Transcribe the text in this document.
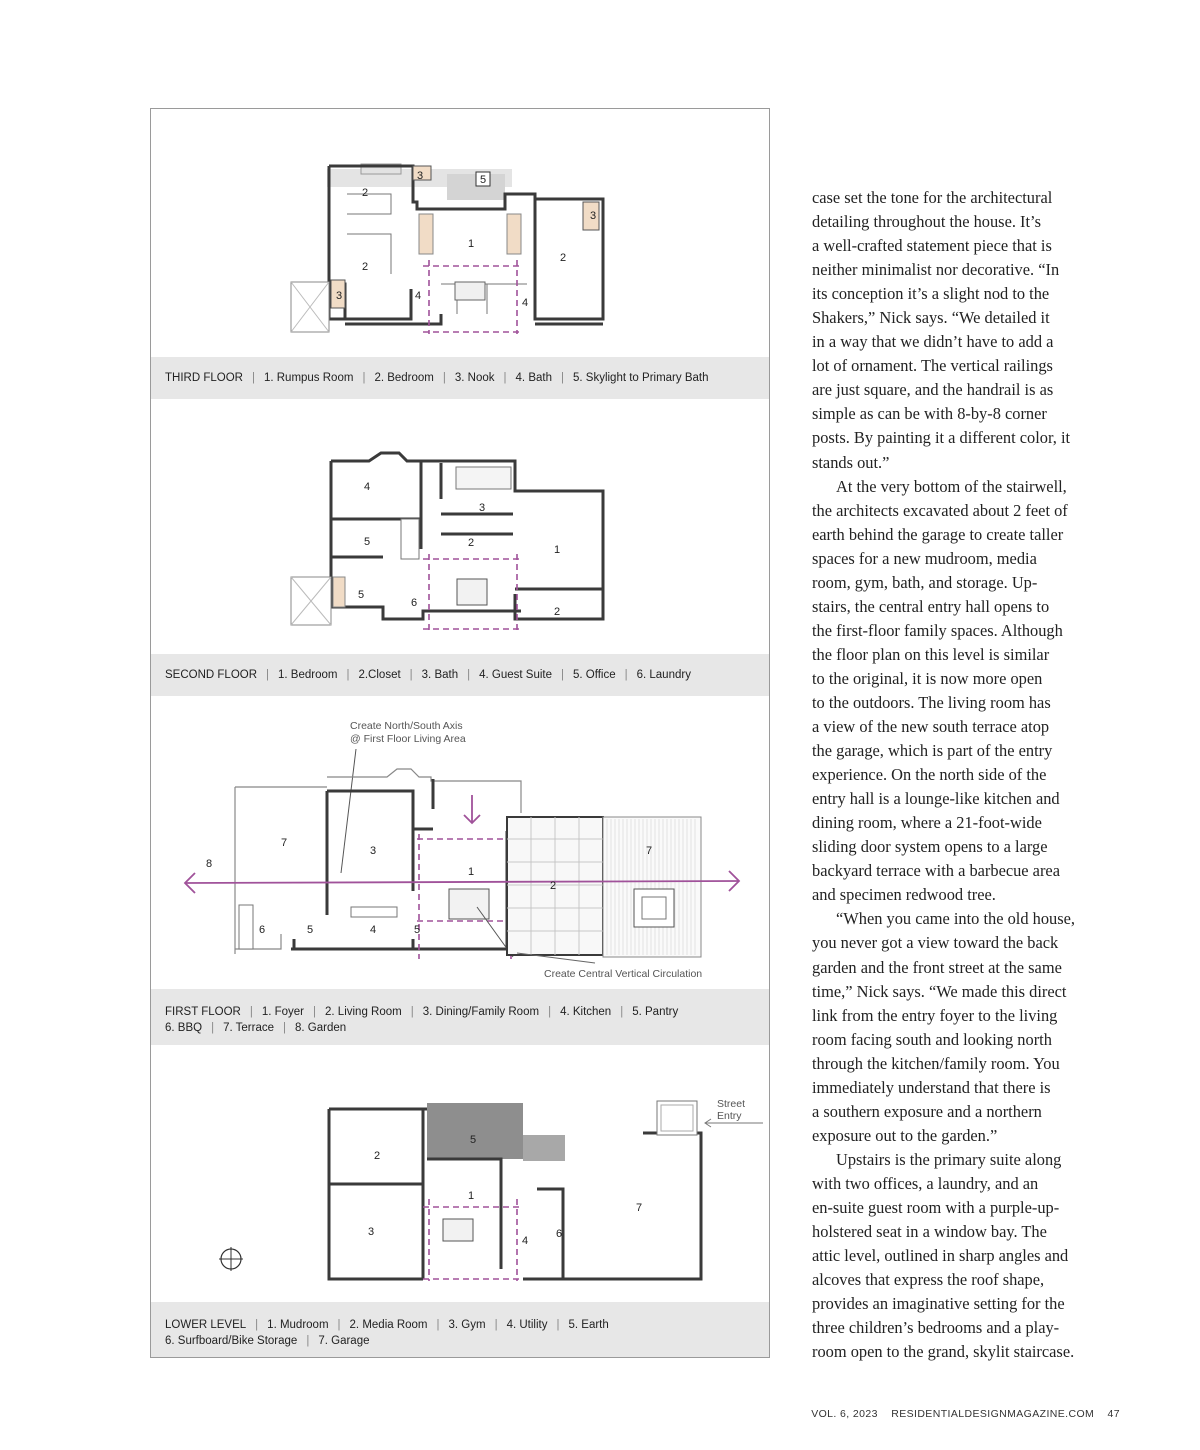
2
3	5
1
3
2
2
3	4
4
THIRD FLOOR | 1. Rumpus Room | 2. Bedroom | 3. Nook | 4. Bath | 5. Skylight to Primary Bath
4
3
2
1
5
5
6
2
SECOND FLOOR | 1. Bedroom | 2.Closet | 3. Bath | 4. Guest Suite | 5. Office | 6. Laundry
Create North/South Axis
@ First Floor Living Area
Create Central Vertical Circulation
7
3
8
1
2
7
6	5	4	5
FIRST FLOOR | 1. Foyer | 2. Living Room | 3. Dining/Family Room | 4. Kitchen | 5. Pantry
6. BBQ | 7. Terrace | 8. Garden
Street
Entry
5
2
1
7
3
4
6
LOWER LEVEL | 1. Mudroom | 2. Media Room | 3. Gym | 4. Utility | 5. Earth
6. Surfboard/Bike Storage | 7. Garage
case set the tone for the architectural
detailing throughout the house. It’s
a well-crafted statement piece that is
neither minimalist nor decorative. “In
its conception it’s a slight nod to the
Shakers,” Nick says. “We detailed it
in a way that we didn’t have to add a
lot of ornament. The vertical railings
are just square, and the handrail is as
simple as can be with 8-by-8 corner
posts. By painting it a different color, it
stands out.”
At the very bottom of the stairwell,
the architects excavated about 2 feet of
earth behind the garage to create taller
spaces for a new mudroom, media
room, gym, bath, and storage. Up-
stairs, the central entry hall opens to
the first-floor family spaces. Although
the floor plan on this level is similar
to the original, it is now more open
to the outdoors. The living room has
a view of the new south terrace atop
the garage, which is part of the entry
experience. On the north side of the
entry hall is a lounge-like kitchen and
dining room, where a 21-foot-wide
sliding door system opens to a large
backyard terrace with a barbecue area
and specimen redwood tree.
“When you came into the old house,
you never got a view toward the back
garden and the front street at the same
time,” Nick says. “We made this direct
link from the entry foyer to the living
room facing south and looking north
through the kitchen/family room. You
immediately understand that there is
a southern exposure and a northern
exposure out to the garden.”
Upstairs is the primary suite along
with two offices, a laundry, and an
en-suite guest room with a purple-up-
holstered seat in a window bay. The
attic level, outlined in sharp angles and
alcoves that express the roof shape,
provides an imaginative setting for the
three children’s bedrooms and a play-
room open to the grand, skylit staircase.
VOL. 6, 2023 RESIDENTIALDESIGNMAGAZINE.COM 47
